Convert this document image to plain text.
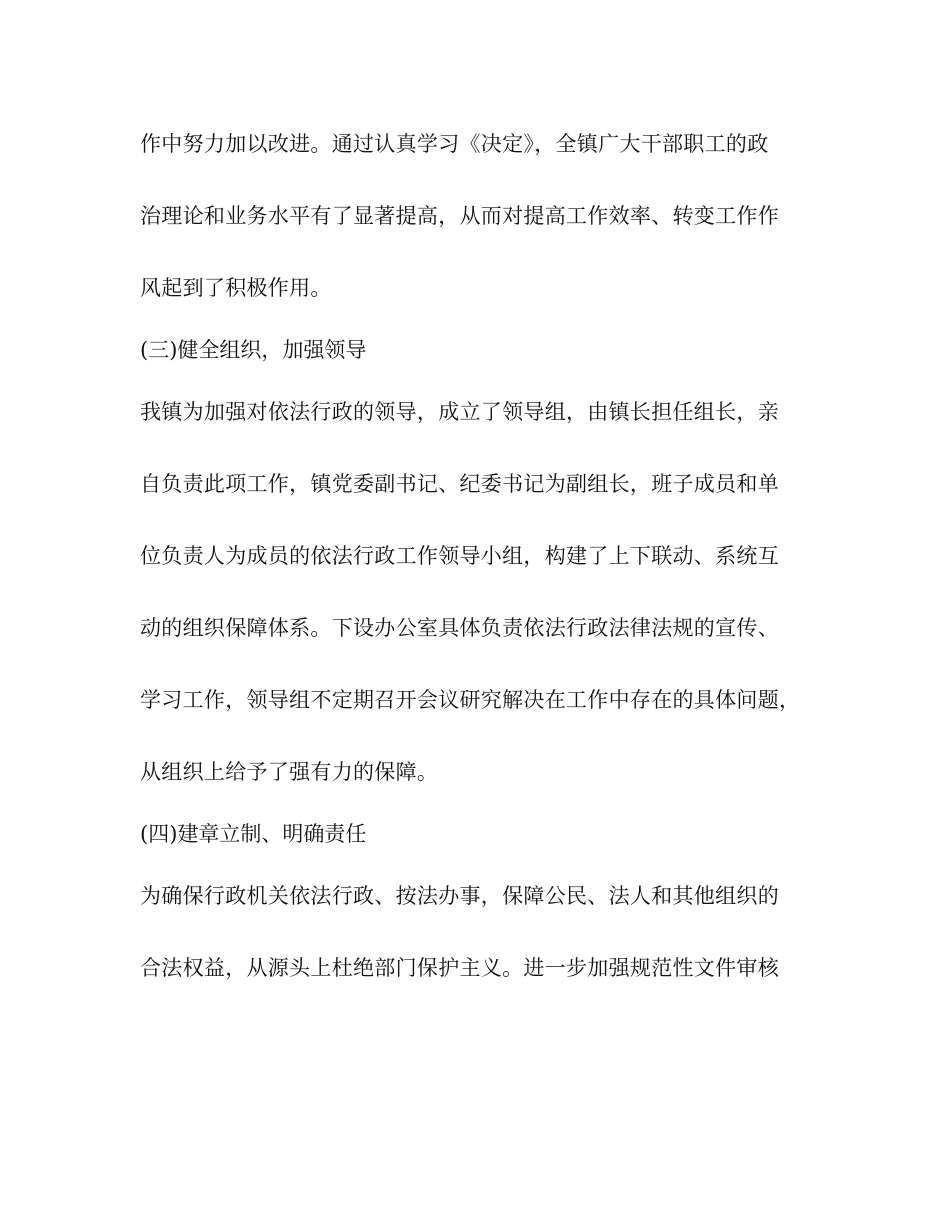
作中努力加以改进。通过认真学习《决定》，全镇广大干部职工的政
治理论和业务水平有了显著提高，从而对提高工作效率、转变工作作
风起到了积极作用。
(三)健全组织，加强领导
我镇为加强对依法行政的领导，成立了领导组，由镇长担任组长，亲
自负责此项工作，镇党委副书记、纪委书记为副组长，班子成员和单
位负责人为成员的依法行政工作领导小组，构建了上下联动、系统互
动的组织保障体系。下设办公室具体负责依法行政法律法规的宣传、
学习工作，领导组不定期召开会议研究解决在工作中存在的具体问题，
从组织上给予了强有力的保障。
(四)建章立制、明确责任
为确保行政机关依法行政、按法办事，保障公民、法人和其他组织的
合法权益，从源头上杜绝部门保护主义。进一步加强规范性文件审核
